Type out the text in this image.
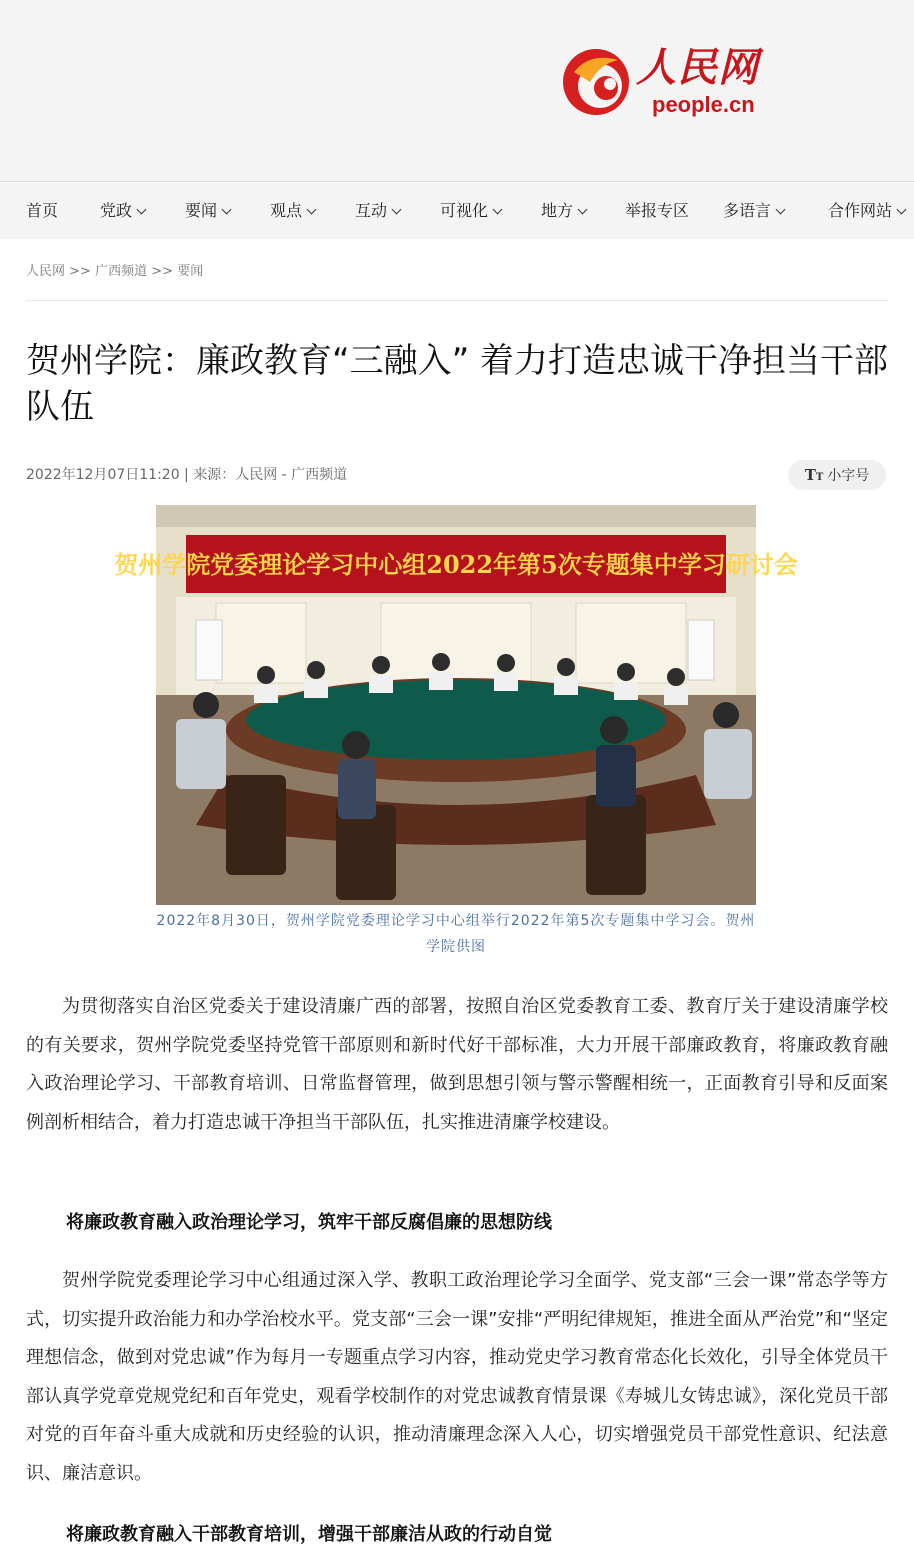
人民网
people.cn
首页	党政	要闻	观点	互动	可视化	地方	举报专区 多语言	合作网站
人民网 >> 广西频道 >> 要闻
贺州学院：廉政教育“三融入” 着力打造忠诚干净担当干部队伍
2022年12月07日11:20 | 来源：人民网 - 广西频道	TT 小字号
贺州学院党委理论学习中心组2022年第5次专题集中学习研讨会
2022年8月30日，贺州学院党委理论学习中心组举行2022年第5次专题集中学习会。贺州学院供图

为贯彻落实自治区党委关于建设清廉广西的部署，按照自治区党委教育工委、教育厅关于建设清廉学校的有关要求，贺州学院党委坚持党管干部原则和新时代好干部标准，大力开展干部廉政教育，将廉政教育融入政治理论学习、干部教育培训、日常监督管理，做到思想引领与警示警醒相统一，正面教育引导和反面案例剖析相结合，着力打造忠诚干净担当干部队伍，扎实推进清廉学校建设。

将廉政教育融入政治理论学习，筑牢干部反腐倡廉的思想防线

贺州学院党委理论学习中心组通过深入学、教职工政治理论学习全面学、党支部“三会一课”常态学等方式，切实提升政治能力和办学治校水平。党支部“三会一课”安排“严明纪律规矩，推进全面从严治党”和“坚定理想信念，做到对党忠诚”作为每月一专题重点学习内容，推动党史学习教育常态化长效化，引导全体党员干部认真学党章党规党纪和百年党史，观看学校制作的对党忠诚教育情景课《寿城儿女铸忠诚》，深化党员干部对党的百年奋斗重大成就和历史经验的认识，推动清廉理念深入人心，切实增强党员干部党性意识、纪法意识、廉洁意识。

将廉政教育融入干部教育培训，增强干部廉洁从政的行动自觉
